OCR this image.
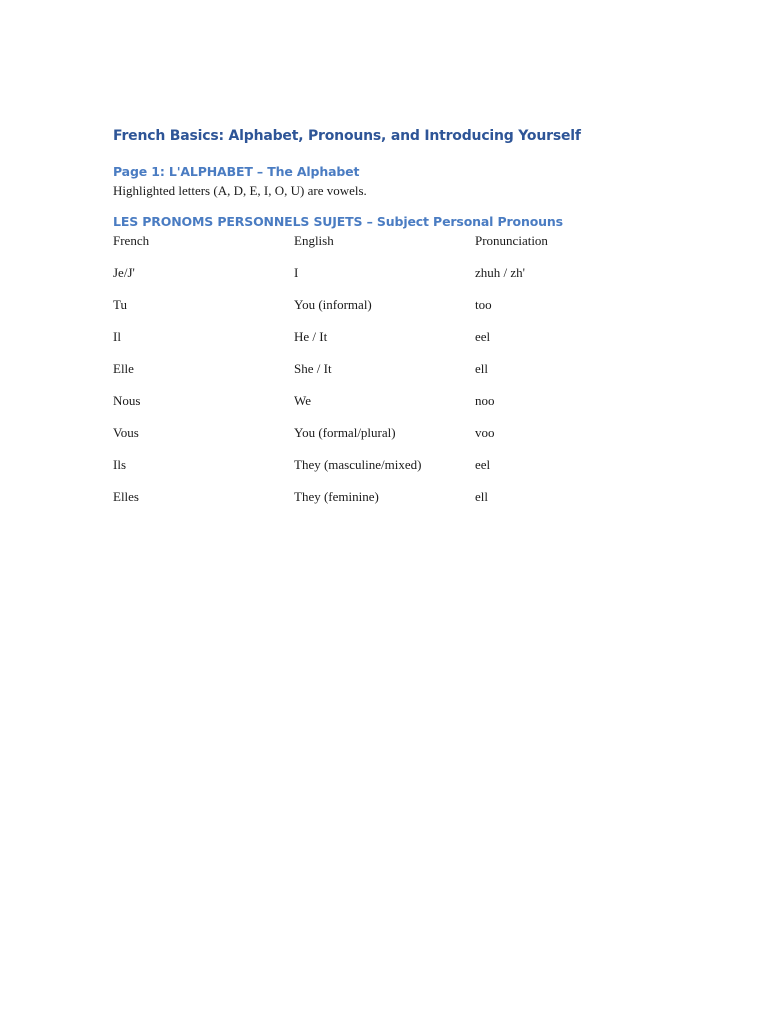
French Basics: Alphabet, Pronouns, and Introducing Yourself
Page 1: L'ALPHABET – The Alphabet

Highlighted letters (A, D, E, I, O, U) are vowels.

LES PRONOMS PERSONNELS SUJETS – Subject Personal Pronouns
French	English	Pronunciation
Je/J'	I	zhuh / zh'
Tu	You (informal)	too
Il	He / It	eel
Elle	She / It	ell
Nous	We	noo
Vous	You (formal/plural)	voo
Ils	They (masculine/mixed)	eel
Elles	They (feminine)	ell
